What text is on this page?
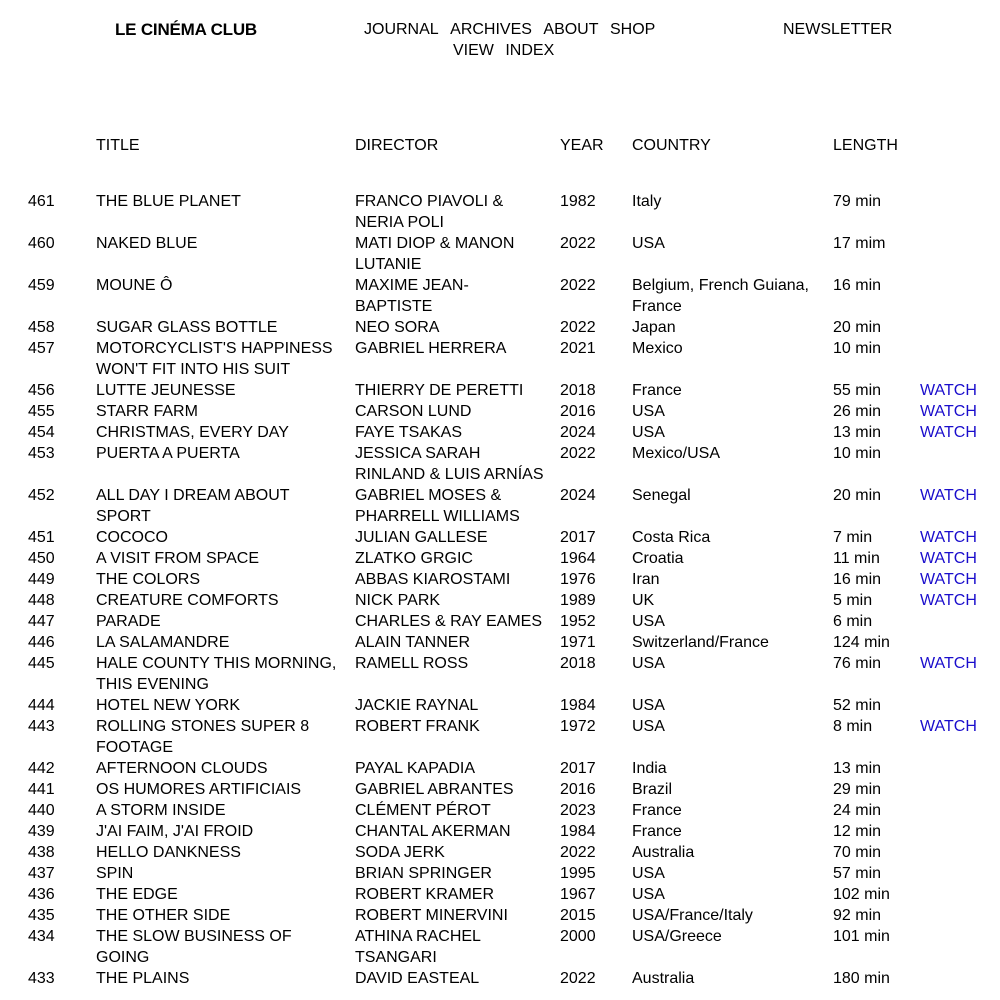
LE CINÉMA CLUB	JOURNAL ARCHIVES ABOUT SHOP
VIEW INDEX
NEWSLETTER
	TITLE	DIRECTOR	YEAR	COUNTRY	LENGTH	
461	THE BLUE PLANET	FRANCO PIAVOLI & NERIA POLI	1982	Italy	79 min	
460	NAKED BLUE	MATI DIOP & MANON LUTANIE	2022	USA	17 mim	
459	MOUNE Ô	MAXIME JEAN-BAPTISTE	2022	Belgium, French Guiana, France	16 min	
458	SUGAR GLASS BOTTLE	NEO SORA	2022	Japan	20 min	
457	MOTORCYCLIST'S HAPPINESS WON'T FIT INTO HIS SUIT	GABRIEL HERRERA	2021	Mexico	10 min	
456	LUTTE JEUNESSE	THIERRY DE PERETTI	2018	France	55 min	WATCH
455	STARR FARM	CARSON LUND	2016	USA	26 min	WATCH
454	CHRISTMAS, EVERY DAY	FAYE TSAKAS	2024	USA	13 min	WATCH
453	PUERTA A PUERTA	JESSICA SARAH RINLAND & LUIS ARNÍAS	2022	Mexico/USA	10 min	
452	ALL DAY I DREAM ABOUT SPORT	GABRIEL MOSES & PHARRELL WILLIAMS	2024	Senegal	20 min	WATCH
451	COCOCO	JULIAN GALLESE	2017	Costa Rica	7 min	WATCH
450	A VISIT FROM SPACE	ZLATKO GRGIC	1964	Croatia	11 min	WATCH
449	THE COLORS	ABBAS KIAROSTAMI	1976	Iran	16 min	WATCH
448	CREATURE COMFORTS	NICK PARK	1989	UK	5 min	WATCH
447	PARADE	CHARLES & RAY EAMES	1952	USA	6 min	
446	LA SALAMANDRE	ALAIN TANNER	1971	Switzerland/France	124 min	
445	HALE COUNTY THIS MORNING, THIS EVENING	RAMELL ROSS	2018	USA	76 min	WATCH
444	HOTEL NEW YORK	JACKIE RAYNAL	1984	USA	52 min	
443	ROLLING STONES SUPER 8 FOOTAGE	ROBERT FRANK	1972	USA	8 min	WATCH
442	AFTERNOON CLOUDS	PAYAL KAPADIA	2017	India	13 min	
441	OS HUMORES ARTIFICIAIS	GABRIEL ABRANTES	2016	Brazil	29 min	
440	A STORM INSIDE	CLÉMENT PÉROT	2023	France	24 min	
439	J'AI FAIM, J'AI FROID	CHANTAL AKERMAN	1984	France	12 min	
438	HELLO DANKNESS	SODA JERK	2022	Australia	70 min	
437	SPIN	BRIAN SPRINGER	1995	USA	57 min	
436	THE EDGE	ROBERT KRAMER	1967	USA	102 min	
435	THE OTHER SIDE	ROBERT MINERVINI	2015	USA/France/Italy	92 min	
434	THE SLOW BUSINESS OF GOING	ATHINA RACHEL TSANGARI	2000	USA/Greece	101 min	
433	THE PLAINS	DAVID EASTEAL	2022	Australia	180 min	
